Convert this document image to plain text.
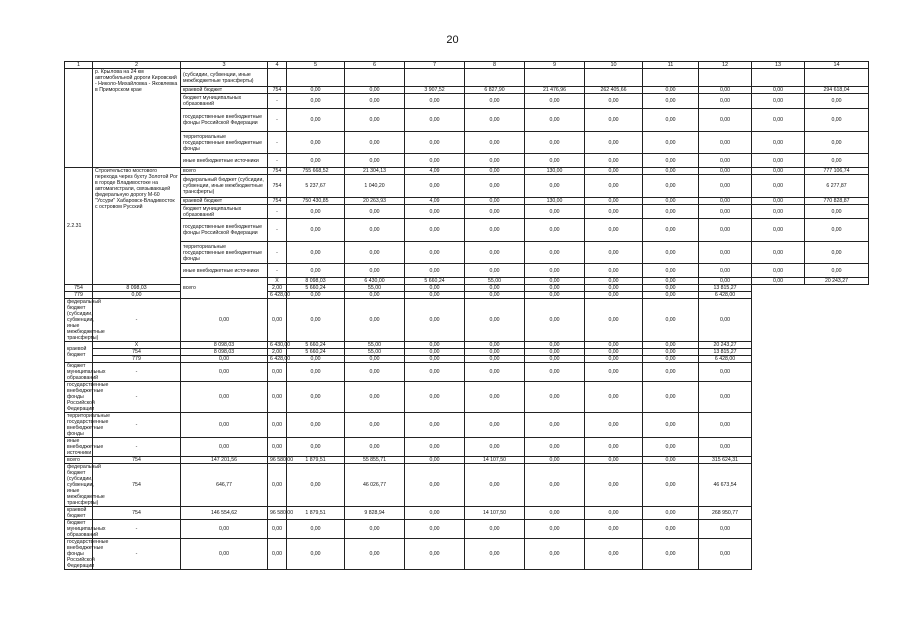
20
1	2	3	4	5	6	7	8	9	10	11	12	13	14
	р. Крылова на 24 км автомобильной дороги Кировский - Николо-Михайловка - Яковлевка в Приморском крае	(субсидии, субвенции, иные межбюджетные трансферты)											
		краевой бюджет	754	0,00	0,00	3 907,52	6 827,90	21 476,96	262 405,66	0,00	0,00	0,00	294 618,04
		бюджет муниципальных образований	-	0,00	0,00	0,00	0,00	0,00	0,00	0,00	0,00	0,00	0,00
		государственные внебюджетные фонды Российской Федерации	-	0,00	0,00	0,00	0,00	0,00	0,00	0,00	0,00	0,00	0,00
		территориальные государственные внебюджетные фонды	-	0,00	0,00	0,00	0,00	0,00	0,00	0,00	0,00	0,00	0,00
		иные внебюджетные источники	-	0,00	0,00	0,00	0,00	0,00	0,00	0,00	0,00	0,00	0,00
2.2.31	Строительство мостового перехода через бухту Золотой Рог в городе Владивостоке на автомагистрали, связывающей федеральную дорогу М-60 "Уссури" Хабаровск-Владивосток с островом Русский	всего	754	755 668,52	21 304,13	4,09	0,00	130,00	0,00	0,00	0,00	0,00	777 106,74
		федеральный бюджет (субсидии, субвенции, иные межбюджетные трансферты)	754	5 237,67	1 040,20	0,00	0,00	0,00	0,00	0,00	0,00	0,00	6 277,87
		краевой бюджет	754	750 430,85	20 263,93	4,09	0,00	130,00	0,00	0,00	0,00	0,00	770 828,87
		бюджет муниципальных образований	-	0,00	0,00	0,00	0,00	0,00	0,00	0,00	0,00	0,00	0,00
		государственные внебюджетные фонды Российской Федерации	-	0,00	0,00	0,00	0,00	0,00	0,00	0,00	0,00	0,00	0,00
		территориальные государственные внебюджетные фонды	-	0,00	0,00	0,00	0,00	0,00	0,00	0,00	0,00	0,00	0,00
		иные внебюджетные источники	-	0,00	0,00	0,00	0,00	0,00	0,00	0,00	0,00	0,00	0,00
		всего	X	8 098,03	6 430,00	5 660,24	55,00	0,00	0,00	0,00	0,00	0,00	20 243,27
754	8 098,03		2,00	5 660,24	55,00	0,00	0,00	0,00	0,00	0,00	13 815,27		
779	0,00		6 428,00	0,00	0,00	0,00	0,00	0,00	0,00	0,00	6 428,00		
федеральный бюджет (субсидии, субвенции, иные межбюджетные трансферты)	-	0,00	0,00	0,00	0,00	0,00	0,00	0,00	0,00	0,00	0,00		
краевой бюджет	X	8 098,03	6 430,00	5 660,24	55,00	0,00	0,00	0,00	0,00	0,00	20 243,27		
	754	8 098,03	2,00	5 660,24	55,00	0,00	0,00	0,00	0,00	0,00	13 815,27		
	779	0,00	6 428,00	0,00	0,00	0,00	0,00	0,00	0,00	0,00	6 428,00		
бюджет муниципальных образований	-	0,00	0,00	0,00	0,00	0,00	0,00	0,00	0,00	0,00	0,00		
государственные внебюджетные фонды Российской Федерации	-	0,00	0,00	0,00	0,00	0,00	0,00	0,00	0,00	0,00	0,00		
территориальные государственные внебюджетные фонды	-	0,00	0,00	0,00	0,00	0,00	0,00	0,00	0,00	0,00	0,00		
иные внебюджетные источники	-	0,00	0,00	0,00	0,00	0,00	0,00	0,00	0,00	0,00	0,00		
всего	754	147 201,56	96 580,00	1 879,51	55 855,71	0,00	14 107,50	0,00	0,00	0,00	315 624,31		
федеральный бюджет (субсидии, субвенции, иные межбюджетные трансферты)	754	646,77	0,00	0,00	46 026,77	0,00	0,00	0,00	0,00	0,00	46 673,54		
краевой бюджет	754	146 554,62	96 580,00	1 879,51	9 828,94	0,00	14 107,50	0,00	0,00	0,00	268 950,77		
бюджет муниципальных образований	-	0,00	0,00	0,00	0,00	0,00	0,00	0,00	0,00	0,00	0,00		
государственные внебюджетные фонды Российской Федерации	-	0,00	0,00	0,00	0,00	0,00	0,00	0,00	0,00	0,00	0,00		
